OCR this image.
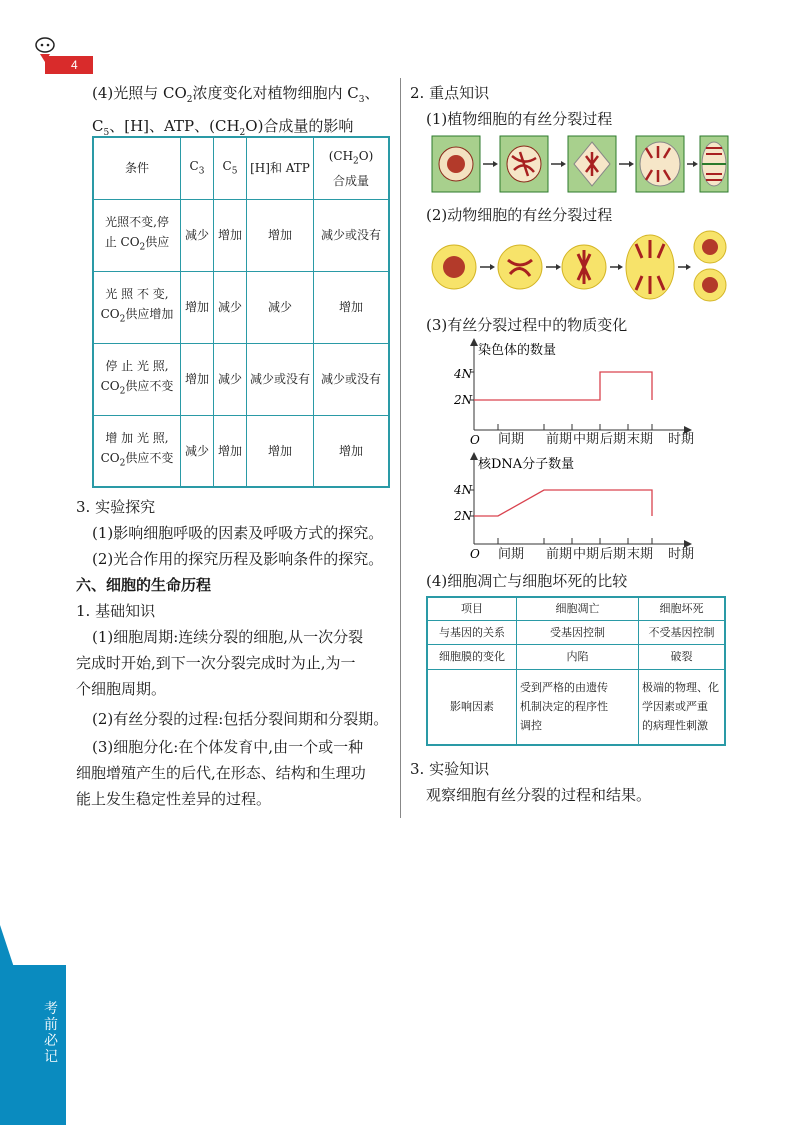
4
(4)光照与 $CO_2$浓度变化对植物细胞内 $C_3$、
$C_5$、[H]、ATP、$(CH_2O)$合成量的影响
条件	$C_3$	$C_5$	[H]和 ATP	$(CH_2O)$
合成量
光照不变,停
止 $CO_2$供应	减少	增加	增加	减少或没有
光 照 不 变,
$CO_2$供应增加	增加	减少	减少	增加
停 止 光 照,
$CO_2$供应不变	增加	减少	减少或没有	减少或没有
增 加 光 照,
$CO_2$供应不变	减少	增加	增加	增加
3. 实验探究
(1)影响细胞呼吸的因素及呼吸方式的探究。
(2)光合作用的探究历程及影响条件的探究。
六、细胞的生命历程
1. 基础知识
(1)细胞周期:连续分裂的细胞,从一次分裂
完成时开始,到下一次分裂完成时为止,为一
个细胞周期。
(2)有丝分裂的过程:包括分裂间期和分裂期。
(3)细胞分化:在个体发育中,由一个或一种
细胞增殖产生的后代,在形态、结构和生理功
能上发生稳定性差异的过程。
2. 重点知识
(1)植物细胞的有丝分裂过程
(2)动物细胞的有丝分裂过程
(3)有丝分裂过程中的物质变化
染色体的数量
4N
2N
O 间期 前期 中期 后期 末期 时期
核DNA分子数量
4N
2N
O 间期 前期 中期 后期 末期 时期
(4)细胞凋亡与细胞坏死的比较
项目	细胞凋亡	细胞坏死
与基因的关系	受基因控制	不受基因控制
细胞膜的变化	内陷	破裂
影响因素	受到严格的由遗传
机制决定的程序性
调控	极端的物理、化
学因素或严重
的病理性刺激
3. 实验知识
观察细胞有丝分裂的过程和结果。
考前必记
